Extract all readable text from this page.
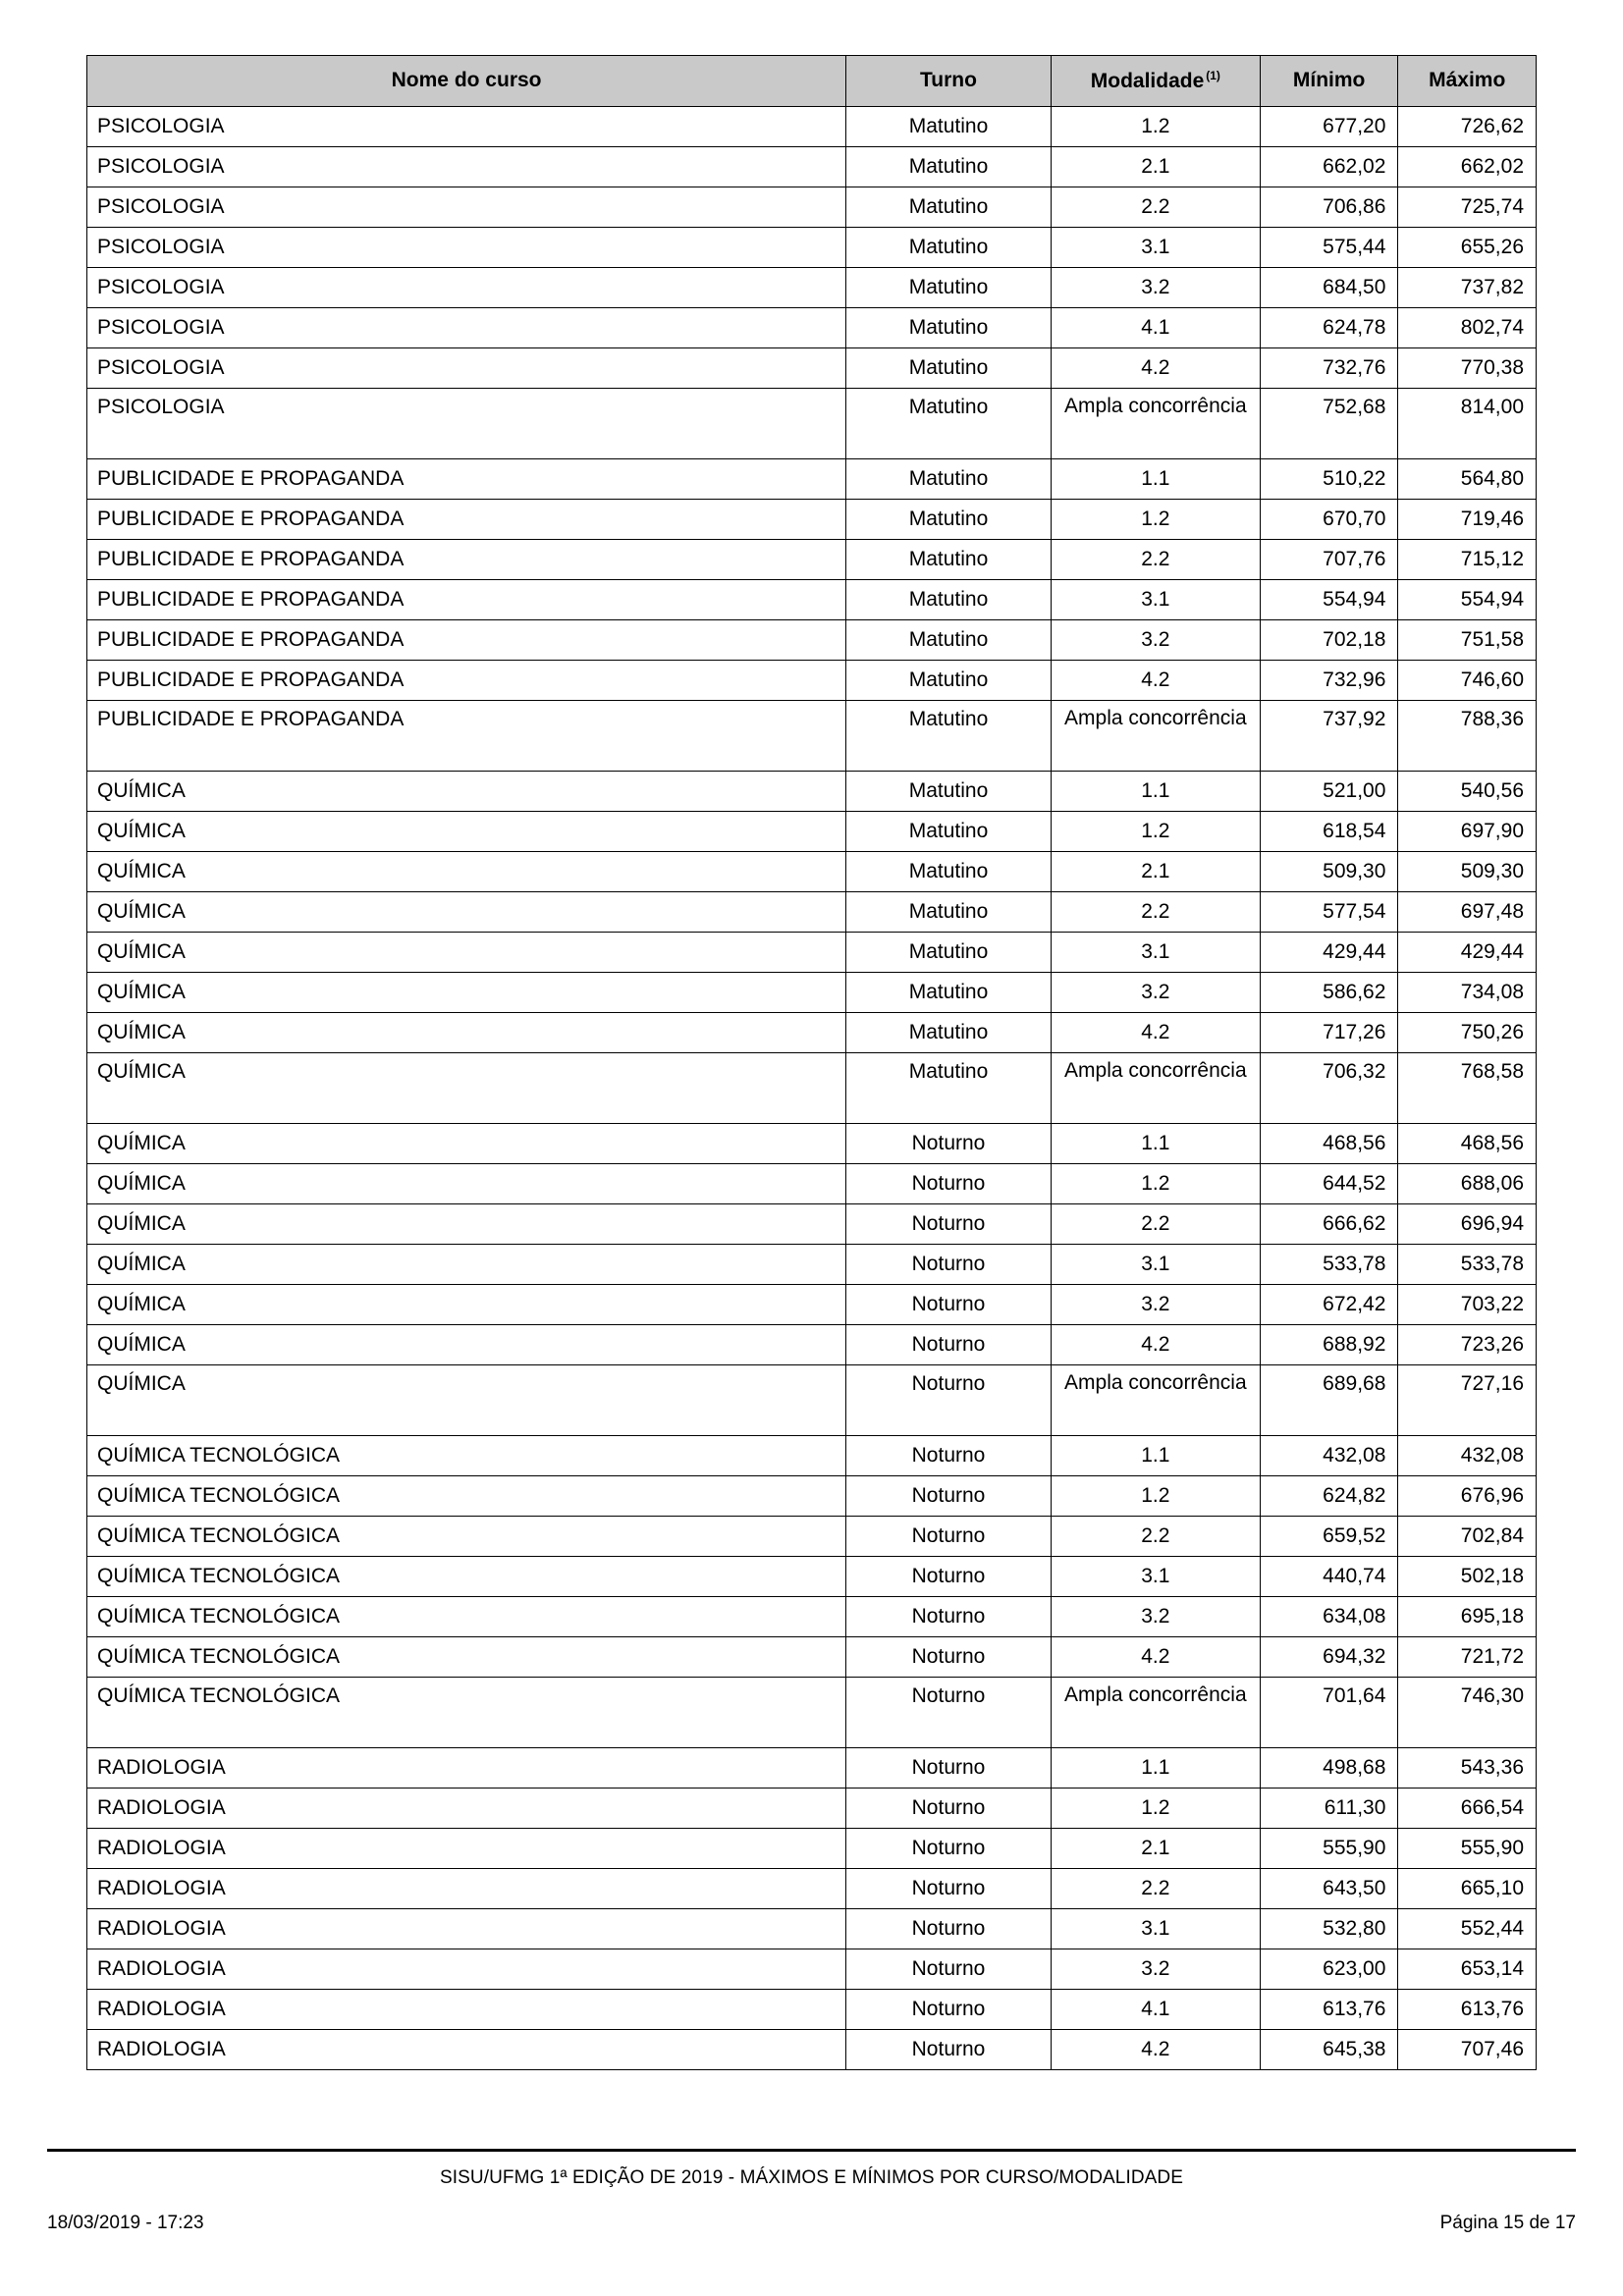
Nome do curso	Turno	Modalidade $^{(1)}$	Mínimo	Máximo
PSICOLOGIA	Matutino	1.2	677,20	726,62
PSICOLOGIA	Matutino	2.1	662,02	662,02
PSICOLOGIA	Matutino	2.2	706,86	725,74
PSICOLOGIA	Matutino	3.1	575,44	655,26
PSICOLOGIA	Matutino	3.2	684,50	737,82
PSICOLOGIA	Matutino	4.1	624,78	802,74
PSICOLOGIA	Matutino	4.2	732,76	770,38
PSICOLOGIA	Matutino	Ampla concorrência	752,68	814,00
PUBLICIDADE E PROPAGANDA	Matutino	1.1	510,22	564,80
PUBLICIDADE E PROPAGANDA	Matutino	1.2	670,70	719,46
PUBLICIDADE E PROPAGANDA	Matutino	2.2	707,76	715,12
PUBLICIDADE E PROPAGANDA	Matutino	3.1	554,94	554,94
PUBLICIDADE E PROPAGANDA	Matutino	3.2	702,18	751,58
PUBLICIDADE E PROPAGANDA	Matutino	4.2	732,96	746,60
PUBLICIDADE E PROPAGANDA	Matutino	Ampla concorrência	737,92	788,36
QUÍMICA	Matutino	1.1	521,00	540,56
QUÍMICA	Matutino	1.2	618,54	697,90
QUÍMICA	Matutino	2.1	509,30	509,30
QUÍMICA	Matutino	2.2	577,54	697,48
QUÍMICA	Matutino	3.1	429,44	429,44
QUÍMICA	Matutino	3.2	586,62	734,08
QUÍMICA	Matutino	4.2	717,26	750,26
QUÍMICA	Matutino	Ampla concorrência	706,32	768,58
QUÍMICA	Noturno	1.1	468,56	468,56
QUÍMICA	Noturno	1.2	644,52	688,06
QUÍMICA	Noturno	2.2	666,62	696,94
QUÍMICA	Noturno	3.1	533,78	533,78
QUÍMICA	Noturno	3.2	672,42	703,22
QUÍMICA	Noturno	4.2	688,92	723,26
QUÍMICA	Noturno	Ampla concorrência	689,68	727,16
QUÍMICA TECNOLÓGICA	Noturno	1.1	432,08	432,08
QUÍMICA TECNOLÓGICA	Noturno	1.2	624,82	676,96
QUÍMICA TECNOLÓGICA	Noturno	2.2	659,52	702,84
QUÍMICA TECNOLÓGICA	Noturno	3.1	440,74	502,18
QUÍMICA TECNOLÓGICA	Noturno	3.2	634,08	695,18
QUÍMICA TECNOLÓGICA	Noturno	4.2	694,32	721,72
QUÍMICA TECNOLÓGICA	Noturno	Ampla concorrência	701,64	746,30
RADIOLOGIA	Noturno	1.1	498,68	543,36
RADIOLOGIA	Noturno	1.2	611,30	666,54
RADIOLOGIA	Noturno	2.1	555,90	555,90
RADIOLOGIA	Noturno	2.2	643,50	665,10
RADIOLOGIA	Noturno	3.1	532,80	552,44
RADIOLOGIA	Noturno	3.2	623,00	653,14
RADIOLOGIA	Noturno	4.1	613,76	613,76
RADIOLOGIA	Noturno	4.2	645,38	707,46
SISU/UFMG 1ª EDIÇÃO DE 2019 - MÁXIMOS E MÍNIMOS POR CURSO/MODALIDADE
18/03/2019 - 17:23	Página 15 de 17
